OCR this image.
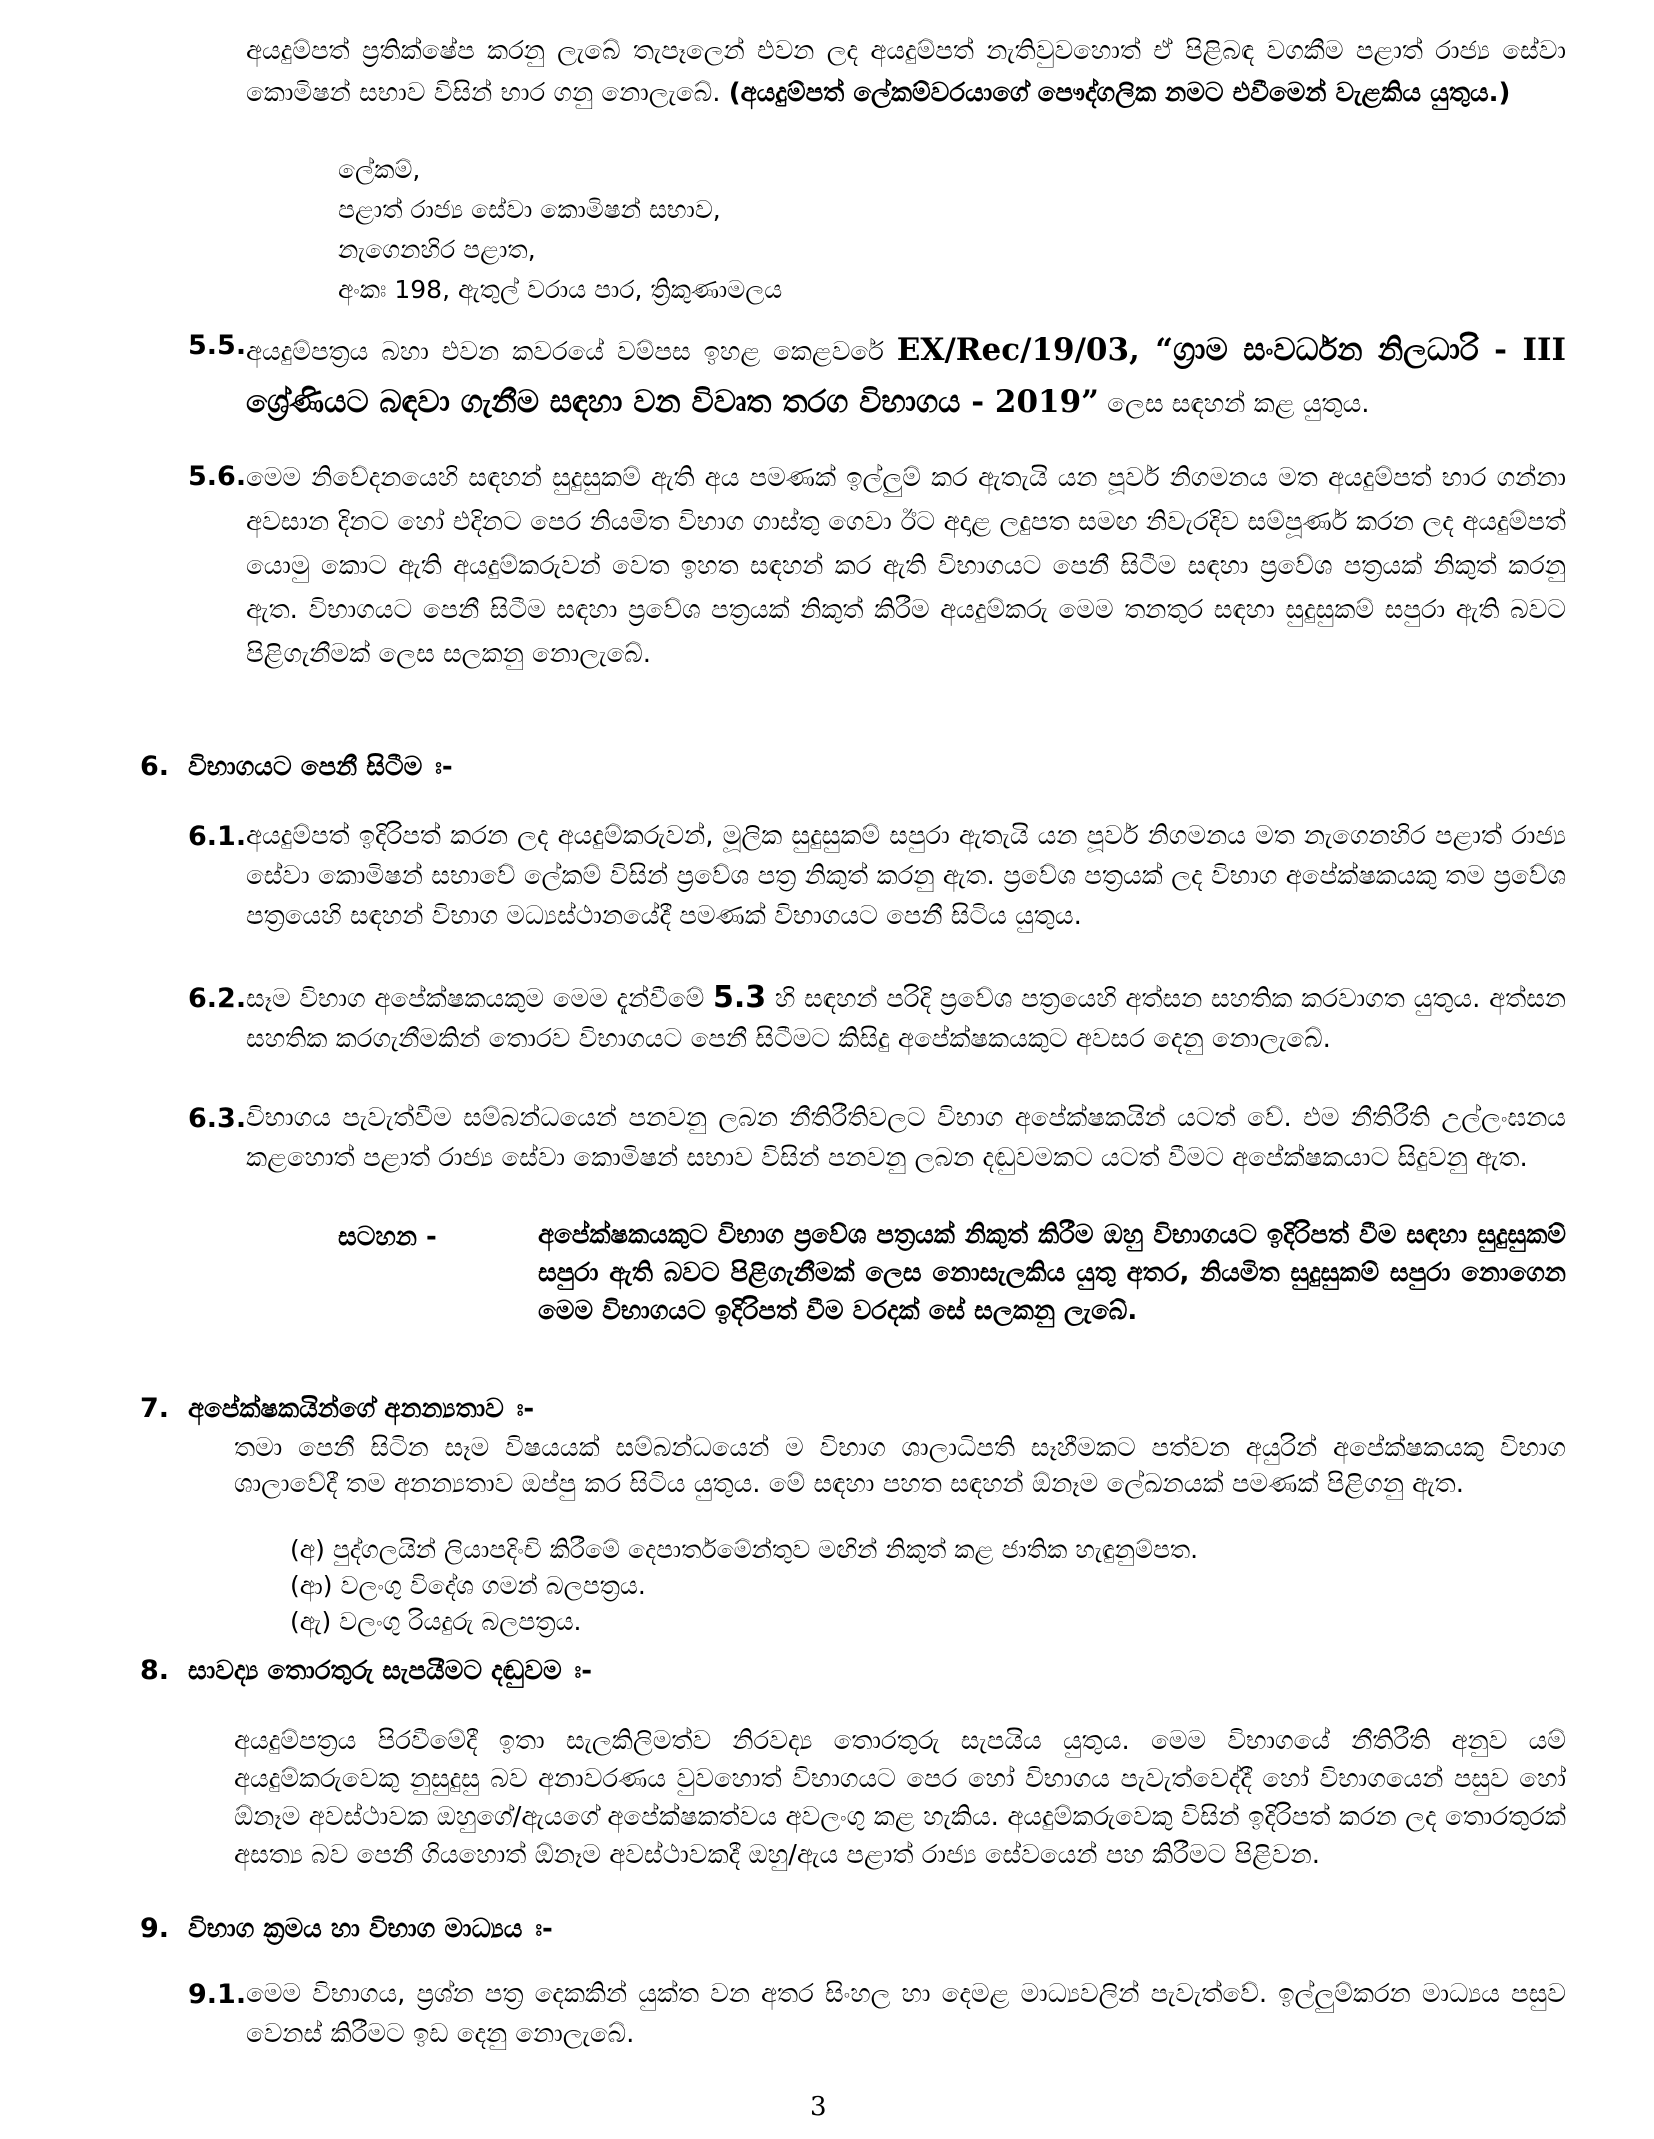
අයදුම්පත් ප්‍රතික්ෂේප කරනු ලැබේ තැපෑලෙන් එවන ලද අයදුම්පත් නැතිවුවහොත් ඒ පිළිබඳ වගකීම පළාත් රාජ්‍ය සේවා කොමිෂන් සභාව විසින් භාර ගනු නොලැබේ. (අයදුම්පත් ලේකම්වරයාගේ පෞද්ගලික නමට එවීමෙන් වැළකිය යුතුය.)
ලේකම්,
පළාත් රාජ්‍ය සේවා කොමිෂන් සභාව,
නැගෙනහිර පළාත,
අංකඃ 198, ඇතුල් වරාය පාර, ත්‍රිකුණාමලය
5.5. අයදුම්පත්‍රය බහා එවන කවරයේ වම්පස ඉහළ කෙළවරේ EX/Rec/19/03, “ග්‍රාම සංවර්ධන නිලධාරි - III ශ්‍රේණියට බඳවා ගැනීම සඳහා වන විවෘත තරග විභාගය - 2019” ලෙස සඳහන් කළ යුතුය.
5.6. මෙම නිවේදනයෙහි සඳහන් සුදුසුකම් ඇති අය පමණක් ඉල්ලුම් කර ඇතැයි යන පූර්ව නිගමනය මත අයදුම්පත් භාර ගන්නා අවසාන දිනට හෝ එදිනට පෙර නියමිත විභාග ගාස්තු ගෙවා ඊට අදාළ ලදුපත සමඟ නිවැරදිව සම්පූර්ණ කරන ලද අයදුම්පත් යොමු කොට ඇති අයදුම්කරුවන් වෙත ඉහත සඳහන් කර ඇති විභාගයට පෙනී සිටීම සඳහා ප්‍රවේශ පත්‍රයක් නිකුත් කරනු ඇත. විභාගයට පෙනී සිටීම සඳහා ප්‍රවේශ පත්‍රයක් නිකුත් කිරීම අයදුම්කරු මෙම තනතුර සඳහා සුදුසුකම් සපුරා ඇති බවට පිළිගැනීමක් ලෙස සලකනු නොලැබේ.
6. විභාගයට පෙනී සිටීම ඃ-
6.1. අයදුම්පත් ඉදිරිපත් කරන ලද අයදුම්කරුවන්, මූලික සුදුසුකම් සපුරා ඇතැයි යන පූර්ව නිගමනය මත නැගෙනහිර පළාත් රාජ්‍ය සේවා කොමිෂන් සභාවේ ලේකම් විසින් ප්‍රවේශ පත්‍ර නිකුත් කරනු ඇත. ප්‍රවේශ පත්‍රයක් ලද විභාග අපේක්ෂකයකු තම ප්‍රවේශ පත්‍රයෙහි සඳහන් විභාග මධ්‍යස්ථානයේදී පමණක් විභාගයට පෙනී සිටිය යුතුය.
6.2. සෑම විභාග අපේක්ෂකයකුම මෙම දැන්වීමේ 5.3 හි සඳහන් පරිදි ප්‍රවේශ පත්‍රයෙහි අත්සන සහතික කරවාගත යුතුය. අත්සන සහතික කරගැනීමකින් තොරව විභාගයට පෙනී සිටීමට කිසිදු අපේක්ෂකයකුට අවසර දෙනු නොලැබේ.
6.3. විභාගය පැවැත්වීම සම්බන්ධයෙන් පනවනු ලබන නීතිරීතිවලට විභාග අපේක්ෂකයින් යටත් වේ. එම නීතිරීති උල්ලංඝනය කළහොත් පළාත් රාජ්‍ය සේවා කොමිෂන් සභාව විසින් පනවනු ලබන දඬුවමකට යටත් වීමට අපේක්ෂකයාට සිදුවනු ඇත.
සටහන -	අපේක්ෂකයකුට විභාග ප්‍රවේශ පත්‍රයක් නිකුත් කිරීම ඔහු විභාගයට ඉදිරිපත් වීම සඳහා සුදුසුකම් සපුරා ඇති බවට පිළිගැනීමක් ලෙස නොසැලකිය යුතු අතර, නියමිත සුදුසුකම් සපුරා නොගෙන මෙම විභාගයට ඉදිරිපත් වීම වරදක් සේ සලකනු ලැබේ.
7. අපේක්ෂකයින්ගේ අනන්‍යතාව ඃ-
තමා පෙනී සිටින සෑම විෂයයක් සම්බන්ධයෙන් ම විභාග ශාලාධිපති සෑහීමකට පත්වන අයුරින් අපේක්ෂකයකු විභාග ශාලාවේදී තම අනන්‍යතාව ඔප්පු කර සිටිය යුතුය. මේ සඳහා පහත සඳහන් ඕනෑම ලේඛනයක් පමණක් පිළිගනු ඇත.
(අ) පුද්ගලයින් ලියාපදිංචි කිරීමේ දෙපාර්තමේන්තුව මඟින් නිකුත් කළ ජාතික හැඳුනුම්පත.
(ආ) වලංගු විදේශ ගමන් බලපත්‍රය.
(ඇ) වලංගු රියදුරු බලපත්‍රය.
8. සාවද්‍ය තොරතුරු සැපයීමට දඬුවම ඃ-
අයදුම්පත්‍රය පිරවීමේදී ඉතා සැලකිලිමත්ව නිරවද්‍ය තොරතුරු සැපයිය යුතුය. මෙම විභාගයේ නීතිරීති අනුව යම් අයදුම්කරුවෙකු නුසුදුසු බව අනාවරණය වුවහොත් විභාගයට පෙර හෝ විභාගය පැවැත්වෙද්දී හෝ විභාගයෙන් පසුව හෝ ඕනෑම අවස්ථාවක ඔහුගේ/ඇයගේ අපේක්ෂකත්වය අවලංගු කළ හැකිය. අයදුම්කරුවෙකු විසින් ඉදිරිපත් කරන ලද තොරතුරක් අසත්‍ය බව පෙනී ගියහොත් ඕනෑම අවස්ථාවකදී ඔහු/ඇය පළාත් රාජ්‍ය සේවයෙන් පහ කිරීමට පිළිවන.
9. විභාග ක්‍රමය හා විභාග මාධ්‍යය ඃ-
9.1. මෙම විභාගය, ප්‍රශ්න පත්‍ර දෙකකින් යුක්ත වන අතර සිංහල හා දෙමළ මාධ්‍යවලින් පැවැත්වේ. ඉල්ලුම්කරන මාධ්‍යය පසුව වෙනස් කිරීමට ඉඩ දෙනු නොලැබේ.
3
